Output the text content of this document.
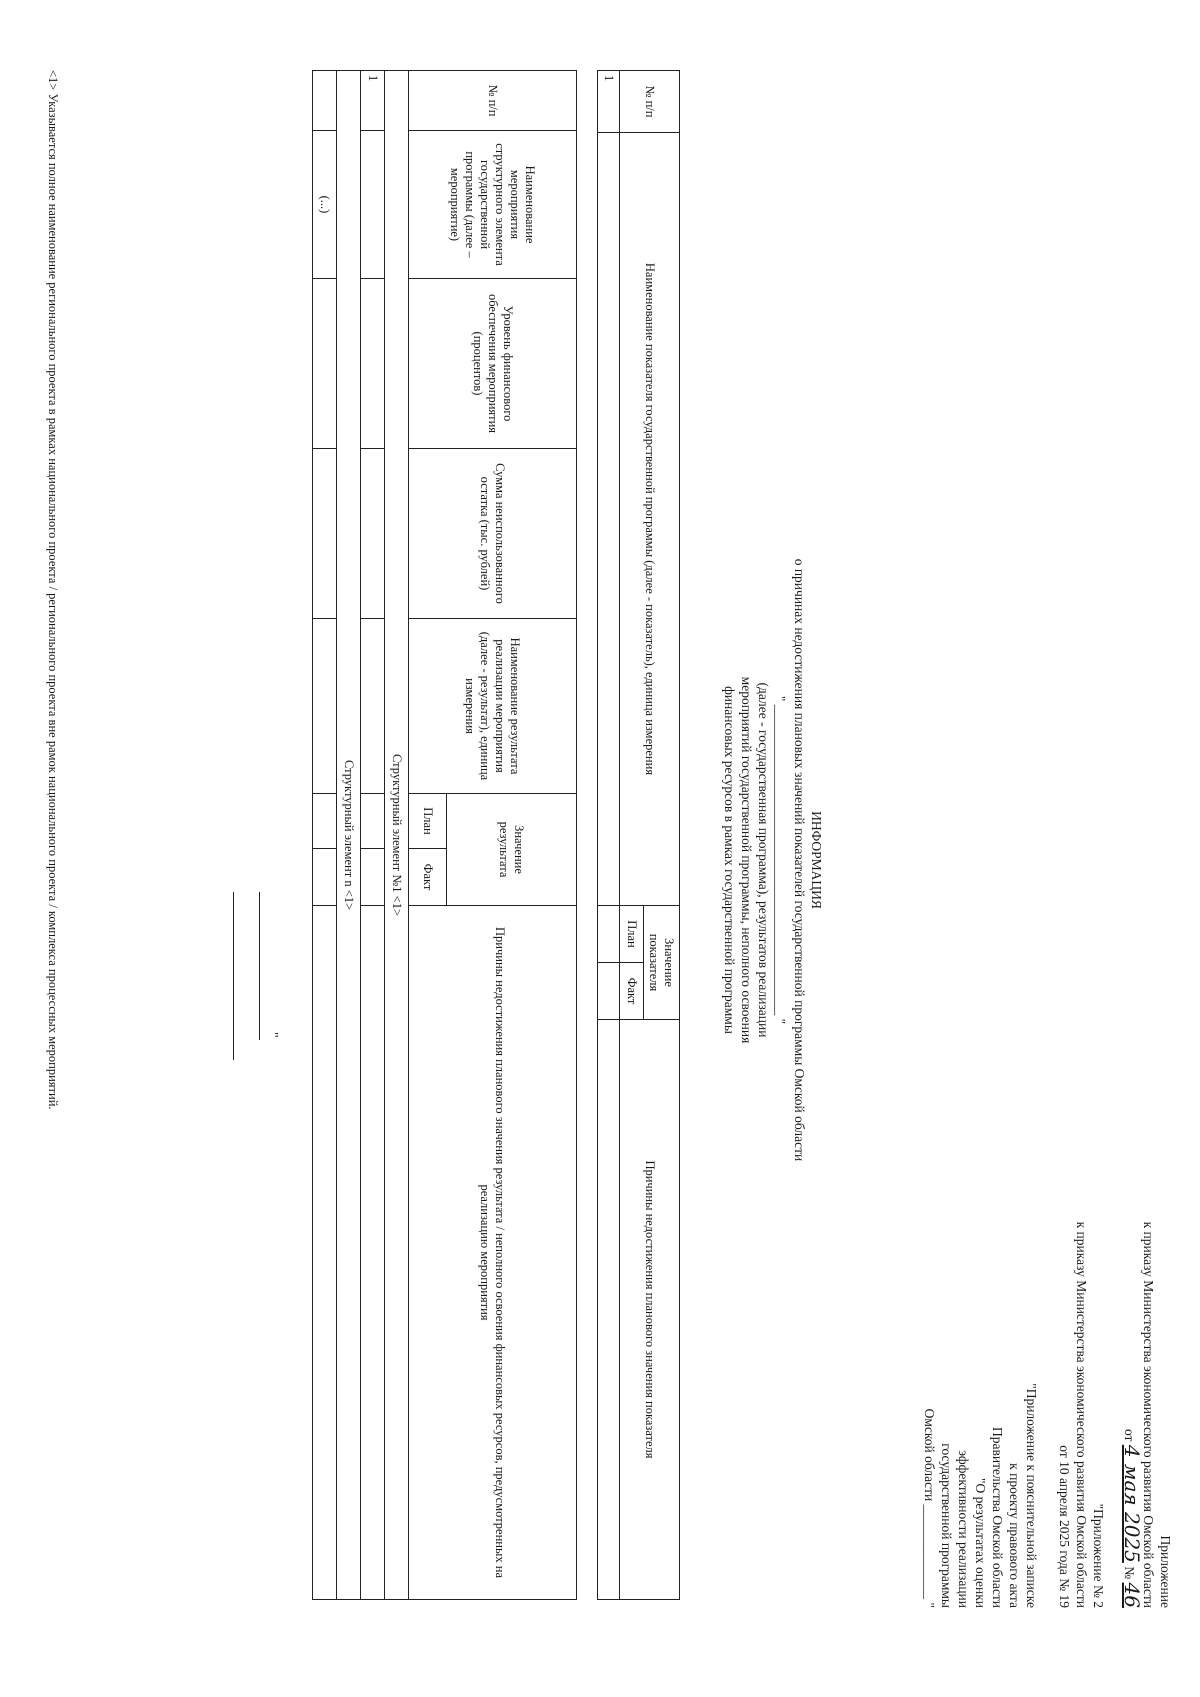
Приложение
к приказу Министерства экономического развития Омской области
от 4 мая 2025 № 46
"Приложение № 2
к приказу Министерства экономического развития Омской области
от 10 апреля 2025 года № 19
"Приложение к пояснительной записке
к проекту правового акта
Правительства Омской области
"О результатах оценки
эффективности реализации
государственной программы
Омской области ______________ "
ИНФОРМАЦИЯ
о причинах недостижения плановых значений показателей государственной программы Омской области
" ______________________________________________ "
(далее - государственная программа), результатов реализации
мероприятий государственной программы, неполного освоения
финансовых ресурсов в рамках государственной программы
№ п/п	Наименование показателя государственной программы (далее - показатель), единица измерения	Значение показателя		Причины недостижения планового значения показателя
		План	Факт	
1				
№ п/п	Наименование мероприятия структурного элемента государственной программы (далее – мероприятие)	Уровень финансового обеспечения мероприятия (процентов)	Сумма неиспользованного остатка (тыс. рублей)	Наименование результата реализации мероприятия (далее - результат), единица измерения	Значение результата		Причины недостижения планового значения результата / неполного освоения финансовых ресурсов, предусмотренных на реализацию мероприятия
					План	Факт	
Структурный элемент №1 <1>							
1							
Структурный элемент n <1>							
	(...)						
"
<1> Указывается полное наименование регионального проекта в рамках национального проекта / регионального проекта вне рамок национального проекта / комплекса процессных мероприятий.
